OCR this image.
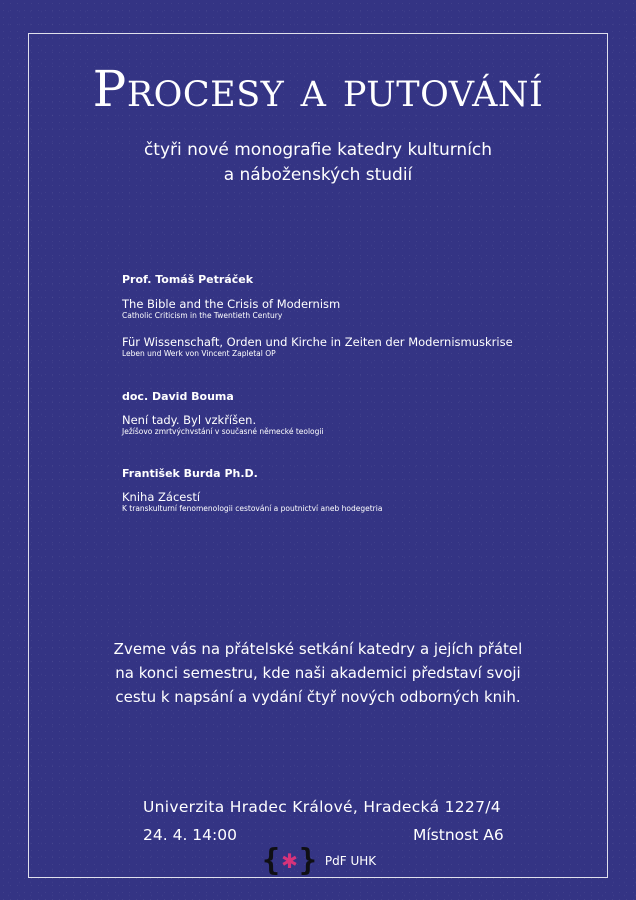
Procesy a putování
čtyři nové monografie katedry kulturních
a náboženských studií
Prof. Tomáš Petráček
The Bible and the Crisis of Modernism
Catholic Criticism in the Twentieth Century
Für Wissenschaft, Orden und Kirche in Zeiten der Modernismuskrise
Leben und Werk von Vincent Zapletal OP
doc. David Bouma
Není tady. Byl vzkříšen.
Ježíšovo zmrtvýchvstání v současné německé teologii
František Burda Ph.D.
Kniha Zácestí
K transkulturní fenomenologii cestování a poutnictví aneb hodegetria
Zveme vás na přátelské setkání katedry a jejích přátel
na konci semestru, kde naši akademici představí svoji
cestu k napsání a vydání čtyř nových odborných knih.
Univerzita Hradec Králové, Hradecká 1227/4
24. 4. 14:00	Místnost A6
{ ✱ } PdF UHK
